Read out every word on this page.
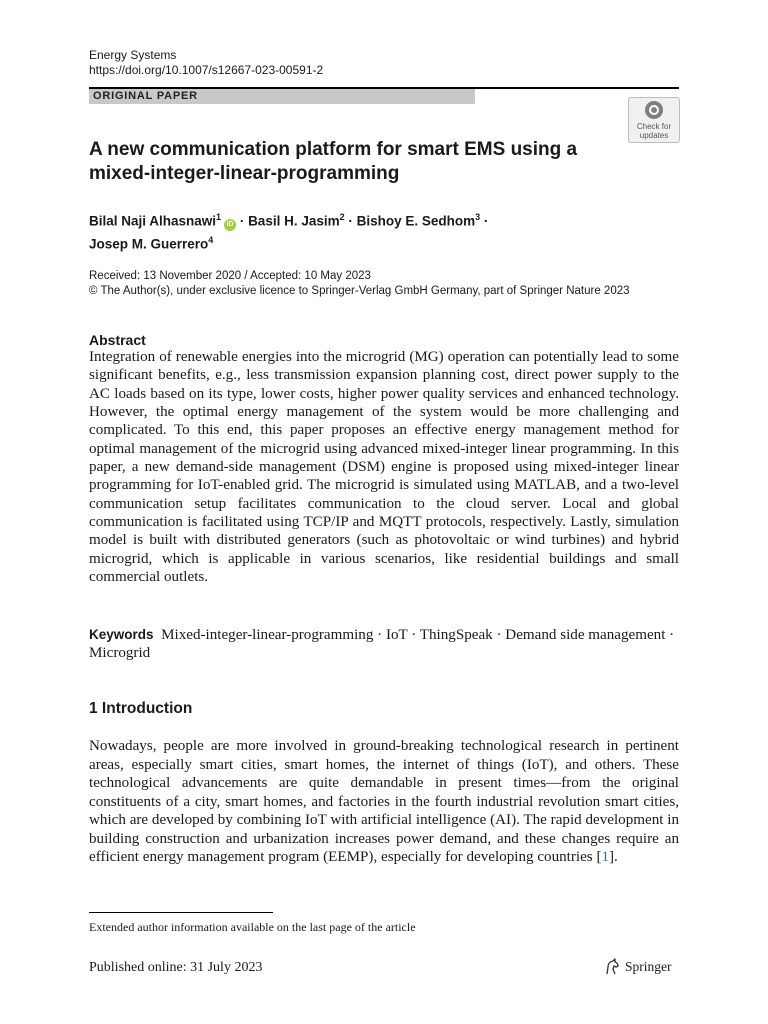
Energy Systems
https://doi.org/10.1007/s12667-023-00591-2
ORIGINAL PAPER
Check for
updates
A new communication platform for smart EMS using a mixed-integer-linear-programming
Bilal Naji Alhasnawi$^1$iD · Basil H. Jasim$^2$ · Bishoy E. Sedhom$^3$ ·
Josep M. Guerrero$^4$
Received: 13 November 2020 / Accepted: 10 May 2023
© The Author(s), under exclusive licence to Springer-Verlag GmbH Germany, part of Springer Nature 2023
Abstract

Integration of renewable energies into the microgrid (MG) operation can potentially lead to some significant benefits, e.g., less transmission expansion planning cost, direct power supply to the AC loads based on its type, lower costs, higher power quality services and enhanced technology. However, the optimal energy management of the system would be more challenging and complicated. To this end, this paper proposes an effective energy management method for optimal management of the microgrid using advanced mixed-integer linear programming. In this paper, a new demand-side management (DSM) engine is proposed using mixed-integer linear programming for IoT-enabled grid. The microgrid is simulated using MATLAB, and a two-level communication setup facilitates communication to the cloud server. Local and global communication is facilitated using TCP/IP and MQTT protocols, respectively. Lastly, simulation model is built with distributed generators (such as photovoltaic or wind turbines) and hybrid microgrid, which is applicable in various scenarios, like residential buildings and small commercial outlets.

Keywords Mixed-integer-linear-programming · IoT · ThingSpeak · Demand side management · Microgrid

1 Introduction

Nowadays, people are more involved in ground-breaking technological research in pertinent areas, especially smart cities, smart homes, the internet of things (IoT), and others. These technological advancements are quite demandable in present times—from the original constituents of a city, smart homes, and factories in the fourth industrial revolution smart cities, which are developed by combining IoT with artificial intelligence (AI). The rapid development in building construction and urbanization increases power demand, and these changes require an efficient energy management program (EEMP), especially for developing countries [1].

Extended author information available on the last page of the article
Published online: 31 July 2023	Springer
